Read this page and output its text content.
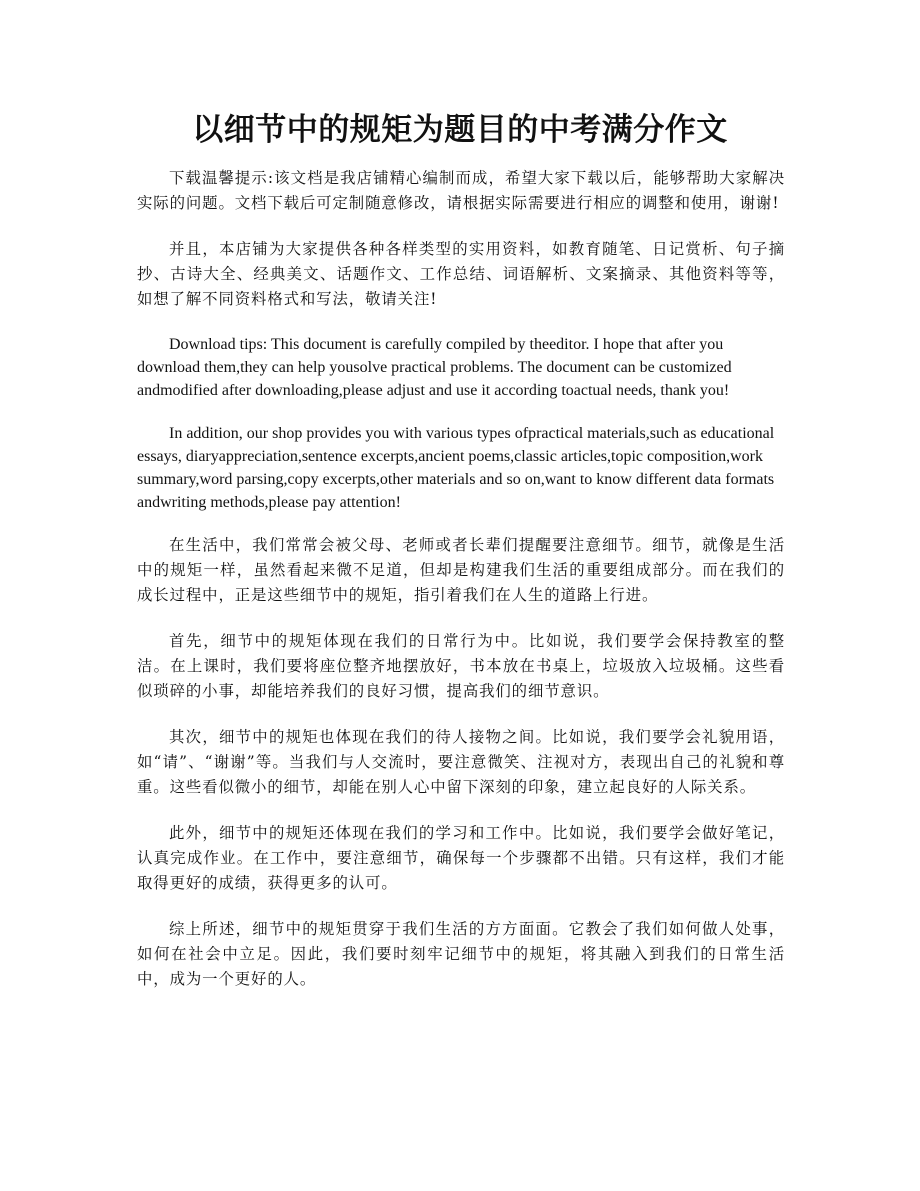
以细节中的规矩为题目的中考满分作文

下载温馨提示:该文档是我店铺精心编制而成，希望大家下载以后，能够帮助大家解决实际的问题。文档下载后可定制随意修改，请根据实际需要进行相应的调整和使用，谢谢!

并且，本店铺为大家提供各种各样类型的实用资料，如教育随笔、日记赏析、句子摘抄、古诗大全、经典美文、话题作文、工作总结、词语解析、文案摘录、其他资料等等，如想了解不同资料格式和写法，敬请关注!

Download tips: This document is carefully compiled by theeditor. I hope that after you download them,they can help yousolve practical problems. The document can be customized andmodified after downloading,please adjust and use it according toactual needs, thank you!

In addition, our shop provides you with various types ofpractical materials,such as educational essays, diaryappreciation,sentence excerpts,ancient poems,classic articles,topic composition,work summary,word parsing,copy excerpts,other materials and so on,want to know different data formats andwriting methods,please pay attention!

在生活中，我们常常会被父母、老师或者长辈们提醒要注意细节。细节，就像是生活中的规矩一样，虽然看起来微不足道，但却是构建我们生活的重要组成部分。而在我们的成长过程中，正是这些细节中的规矩，指引着我们在人生的道路上行进。

首先，细节中的规矩体现在我们的日常行为中。比如说，我们要学会保持教室的整洁。在上课时，我们要将座位整齐地摆放好，书本放在书桌上，垃圾放入垃圾桶。这些看似琐碎的小事，却能培养我们的良好习惯，提高我们的细节意识。

其次，细节中的规矩也体现在我们的待人接物之间。比如说，我们要学会礼貌用语，如“请”、“谢谢”等。当我们与人交流时，要注意微笑、注视对方，表现出自己的礼貌和尊重。这些看似微小的细节，却能在别人心中留下深刻的印象，建立起良好的人际关系。

此外，细节中的规矩还体现在我们的学习和工作中。比如说，我们要学会做好笔记，认真完成作业。在工作中，要注意细节，确保每一个步骤都不出错。只有这样，我们才能取得更好的成绩，获得更多的认可。

综上所述，细节中的规矩贯穿于我们生活的方方面面。它教会了我们如何做人处事，如何在社会中立足。因此，我们要时刻牢记细节中的规矩，将其融入到我们的日常生活中，成为一个更好的人。
